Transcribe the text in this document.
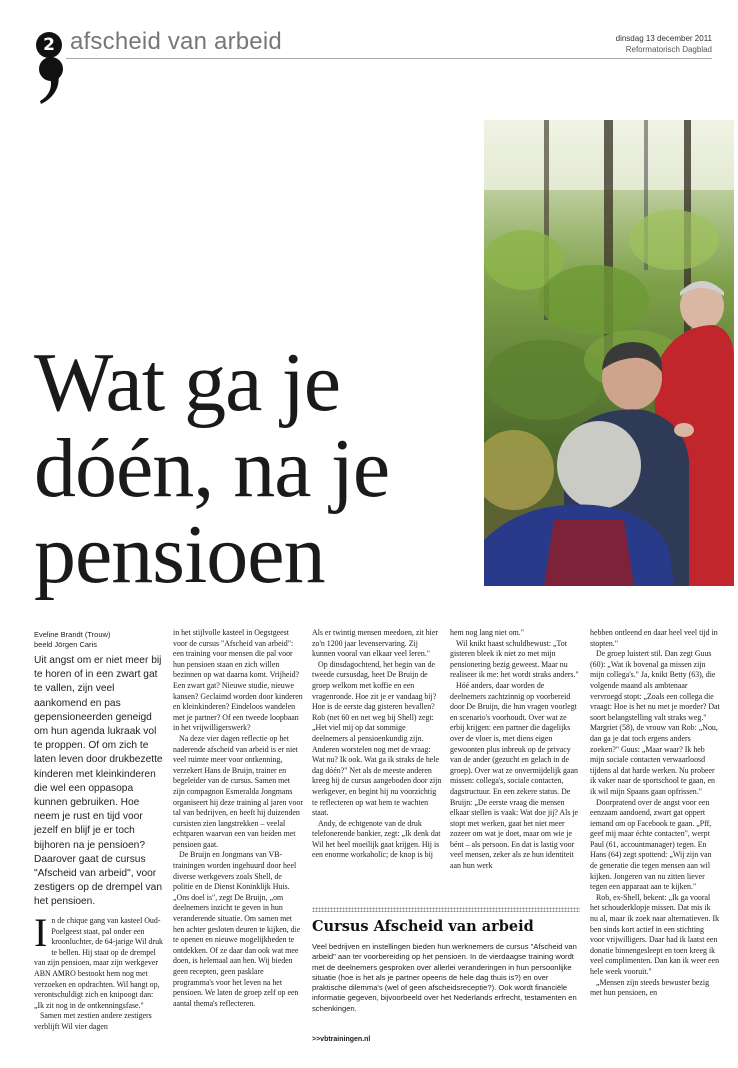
2 afscheid van arbeid	dinsdag 13 december 2011
Reformatorisch Dagblad
Wat ga je
dóén, na je
pensioen
Eveline Brandt (Trouw)
beeld Jörgen Caris

Uit angst om er niet meer bij te horen of in een zwart gat te vallen, zijn veel aankomend en pas gepensioneerden geneigd om hun agenda lukraak vol te proppen. Of om zich te laten leven door drukbezette kinderen met kleinkinderen die wel een oppasopa kunnen gebruiken. Hoe neem je rust en tijd voor jezelf en blijf je er toch bijhoren na je pensioen? Daarover gaat de cursus "Afscheid van arbeid", voor zestigers op de drempel van het pensioen.

In de chique gang van kasteel Oud-Poelgeest staat, pal onder een kroonluchter, de 64-jarige Wil druk te bellen. Hij staat op de drempel van zijn pensioen, maar zijn werkgever ABN AMRO bestookt hem nog met verzoeken en opdrachten. Wil hangt op, verontschuldigt zich en knipoogt dan: „Ik zit nog in de ontkenningsfase."

Samen met zestien andere zestigers verblijft Wil vier dagen

in het stijlvolle kasteel in Oegstgeest voor de cursus "Afscheid van arbeid": een training voor mensen die pal voor hun pensioen staan en zich willen bezinnen op wat daarna komt. Vrijheid? Een zwart gat? Nieuwe studie, nieuwe kansen? Geclaimd worden door kinderen en kleinkinderen? Eindeloos wandelen met je partner? Of een tweede loopbaan in het vrijwilligerswerk?

Na deze vier dagen reflectie op het naderende afscheid van arbeid is er niet veel ruimte meer voor ontkenning, verzekert Hans de Bruijn, trainer en begeleider van de cursus. Samen met zijn compagnon Esmeralda Jongmans organiseert hij deze training al jaren voor tal van bedrijven, en heeft hij duizenden cursisten zien langstrekken – veelal echtparen waarvan een van beiden met pensioen gaat.

De Bruijn en Jongmans van VB-trainingen worden ingehuurd door heel diverse werkgevers zoals Shell, de politie en de Dienst Koninklijk Huis. „Ons doel is", zegt De Bruijn, „om deelnemers inzicht te geven in hun veranderende situatie. Om samen met hen achter gesloten deuren te kijken, die te openen en nieuwe mogelijkheden te ontdekken. Of ze daar dan ook wat mee doen, is helemaal aan hen. Wij bieden geen recepten, geen pasklare programma's voor het leven na het pensioen. We laten de groep zelf op een aantal thema's reflecteren.

Als er twintig mensen meedoen, zit hier zo'n 1200 jaar levenservaring. Zij kunnen vooral van elkaar veel leren."

Op dinsdagochtend, het begin van de tweede cursusdag, heet De Bruijn de groep welkom met koffie en een vragenronde. Hoe zit je er vandaag bij? Hoe is de eerste dag gisteren bevallen? Rob (net 60 en net weg bij Shell) zegt: „Het viel mij op dat sommige deelnemers al pensioenkundig zijn. Anderen worstelen nog met de vraag: Wat nu? Ik ook. Wat ga ik straks de hele dag dóén?" Net als de meeste anderen kreeg hij de cursus aangeboden door zijn werkgever, en begint hij nu voorzichtig te reflecteren op wat hem te wachten staat.

Andy, de echtgenote van de druk telefonerende bankier, zegt: „Ik denk dat Wil het heel moeilijk gaat krijgen. Hij is een enorme workaholic; de knop is bij

hem nog lang niet om."

Wil knikt haast schuldbewust: „Tot gisteren bleek ik niet zo met mijn pensionering bezig geweest. Maar nu realiseer ik me: het wordt straks anders."

Hóé anders, daar worden de deelnemers zachtzinnig op voorbereid door De Bruijn, die hun vragen voorlegt en scenario's voorhoudt. Over wat ze erbij krijgen: een partner die dagelijks over de vloer is, met diens eigen gewoonten plus inbreuk op de privacy van de ander (gezucht en gelach in de groep). Over wat ze onvermijdelijk gaan missen: collega's, sociale contacten, dagstructuur. En een zekere status. De Bruijn: „De eerste vraag die mensen elkaar stellen is vaak: Wat doe jij? Als je stopt met werken, gaat het niet meer zozeer om wat je doet, maar om wie je bént – als persoon. En dat is lastig voor veel mensen, zeker als ze hun identiteit aan hun werk

hebben ontleend en daar heel veel tijd in stopten."

De groep luistert stil. Dan zegt Guus (60): „Wat ik bovenal ga missen zijn mijn collega's." Ja, knikt Betty (63), die volgende maand als ambtenaar vervroegd stopt: „Zoals een collega die vraagt: Hoe is het nu met je moeder? Dat soort belangstelling valt straks weg." Margriet (58), de vrouw van Rob: „Nou, dan ga je dat toch ergens anders zoeken?" Guus: „Maar waar? Ik heb mijn sociale contacten verwaarloosd tijdens al dat harde werken. Nu probeer ik vaker naar de sportschool te gaan, en ik wil mijn Spaans gaan opfrissen."

Doorpratend over de angst voor een eenzaam aandoend, zwart gat oppert iemand om op Facebook te gaan. „Pff, geef mij maar échte contacten", werpt Paul (61, accountmanager) tegen. En Hans (64) zegt spottend: „Wij zijn van de generatie die tegen mensen aan wil kijken. Jongeren van nu zitten liever tegen een apparaat aan te kijken."

Rob, ex-Shell, bekent: „Ik ga vooral het schouderklopje missen. Dat mis ik nu al, maar ik zoek naar alternatieven. Ik ben sinds kort actief in een stichting voor vrijwilligers. Daar had ik laatst een donatie binnengesleept en toen kreeg ik veel complimenten. Dan kan ik weer een hele week vooruit."

„Mensen zijn steeds bewuster bezig met hun pensioen, en

Cursus Afscheid van arbeid

Veel bedrijven en instellingen bieden hun werknemers de cursus "Afscheid van arbeid" aan ter voorbereiding op het pensioen. In de vierdaagse training wordt met de deelnemers gesproken over allerlei veranderingen in hun persoonlijke situatie (hoe is het als je partner opeens de hele dag thuis is?) en over praktische dilemma's (wel of geen afscheidsreceptie?). Ook wordt financiële informatie gegeven, bijvoorbeeld over het Nederlands erfrecht, testamenten en schenkingen.

>>vbtrainingen.nl
